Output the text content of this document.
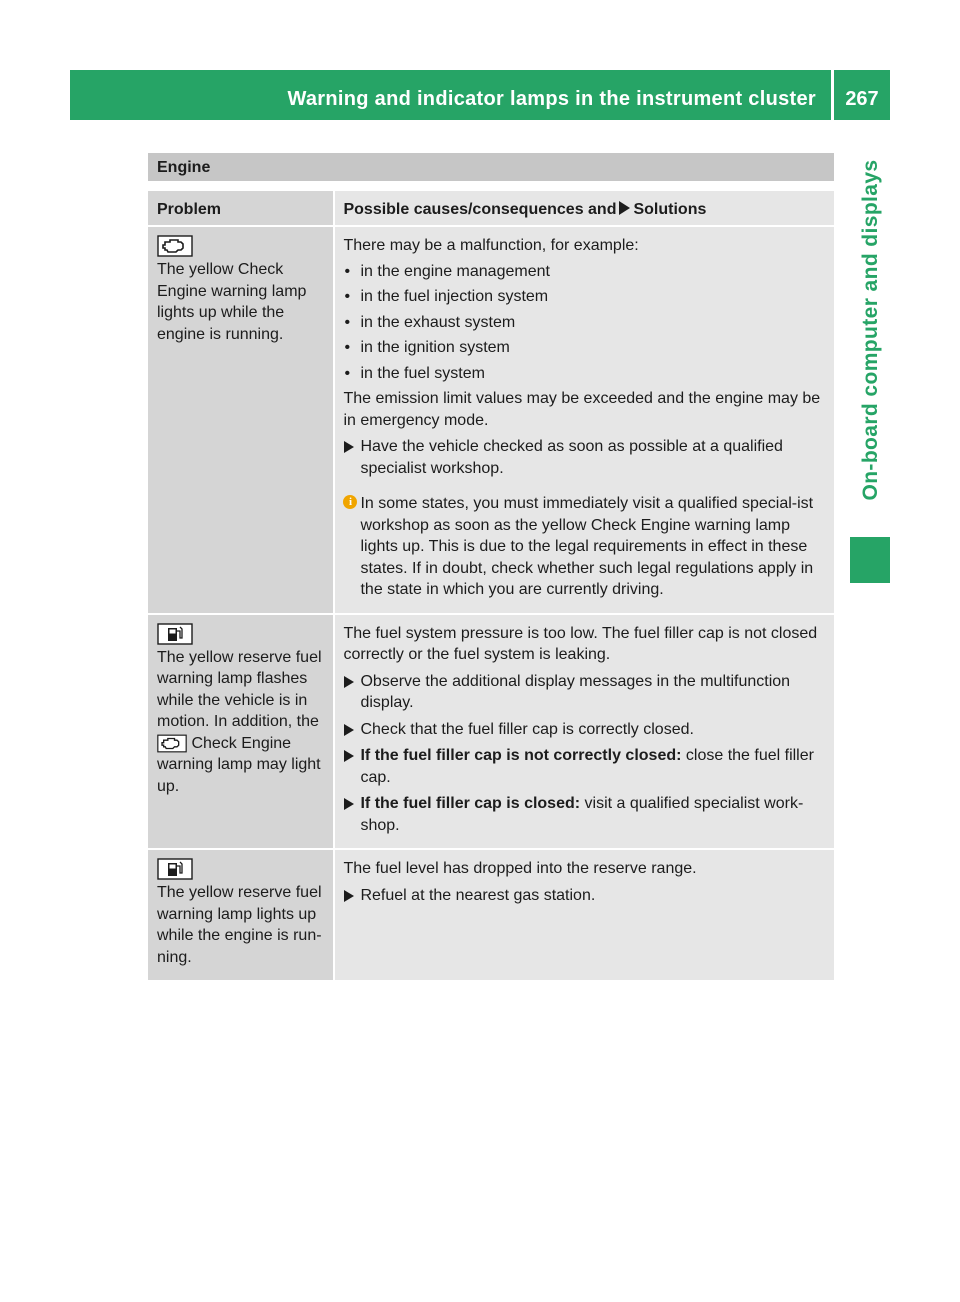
Warning and indicator lamps in the instrument cluster	267
On-board computer and displays
Engine
Problem	Possible causes/consequences and Solutions
The yellow Check Engine warning lamp lights up while the engine is running.
There may be a malfunction, for example:
• in the engine management
• in the fuel injection system
• in the exhaust system
• in the ignition system
• in the fuel system
The emission limit values may be exceeded and the engine may be in emergency mode.
Have the vehicle checked as soon as possible at a qualified specialist workshop.
i In some states, you must immediately visit a qualified special-ist workshop as soon as the yellow Check Engine warning lamp lights up. This is due to the legal requirements in effect in these states. If in doubt, check whether such legal regulations apply in the state in which you are currently driving.
The yellow reserve fuel warning lamp flashes while the vehicle is in motion. In addition, the  Check Engine warning lamp may light up.
The fuel system pressure is too low. The fuel filler cap is not closed correctly or the fuel system is leaking.
Observe the additional display messages in the multifunction display.
Check that the fuel filler cap is correctly closed.
If the fuel filler cap is not correctly closed: close the fuel filler cap.
If the fuel filler cap is closed: visit a qualified specialist work-shop.
The yellow reserve fuel warning lamp lights up while the engine is run-ning.
The fuel level has dropped into the reserve range.
Refuel at the nearest gas station.
